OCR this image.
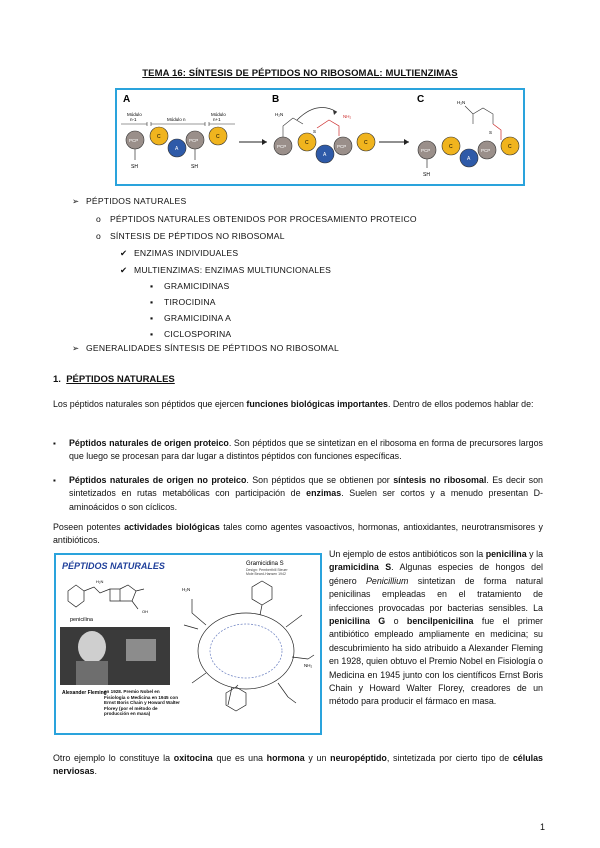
TEMA 16: SÍNTESIS DE PÉPTIDOS NO RIBOSOMAL: MULTIENZIMAS
A	B	C
Módulo
n-1	Módulo n
Módulo
n+1
PCP
C
A
PCP
C
SH	SH
PCP
C
A
PCP
C
H₂N	NH₂
S
PCP
C
A
PCP
C
H₂N
SH
S
➢ PÉPTIDOS NATURALES
o PÉPTIDOS NATURALES OBTENIDOS POR PROCESAMIENTO PROTEICO
o SÍNTESIS DE PÉPTIDOS NO RIBOSOMAL
✔ ENZIMAS INDIVIDUALES
✔ MULTIENZIMAS: ENZIMAS MULTIUNCIONALES
▪ GRAMICIDINAS
▪ TIROCIDINA
▪ GRAMICIDINA A
▪ CICLOSPORINA
➢ GENERALIDADES SÍNTESIS DE PÉPTIDOS NO RIBOSOMAL
1. PÉPTIDOS NATURALES
Los péptidos naturales son péptidos que ejercen funciones biológicas importantes. Dentro de ellos podemos hablar de:
▪ Péptidos naturales de origen proteico. Son péptidos que se sintetizan en el ribosoma en forma de precursores largos que luego se procesan para dar lugar a distintos péptidos con funciones específicas.
▪ Péptidos naturales de origen no proteico. Son péptidos que se obtienen por síntesis no ribosomal. Es decir son sintetizados en rutas metabólicas con participación de enzimas. Suelen ser cortos y a menudo presentan D-aminoácidos o son cíclicos.
Poseen potentes actividades biológicas tales como agentes vasoactivos, hormonas, antioxidantes, neurotransmisores y antibióticos.
PÉPTIDOS NATURALES
H₂N
OH
penicilina
Alexander Fleming
en 1928. Premio Nobel en Fisiología o Medicina en 1945 con Ernst Boris Chain y Howard Walter Florey (por el método de producción en masa)
Gramicidina S
Design: Pemberthill Steuer
Mole Beard-Hansen 1942
H₂N
NH₂
Un ejemplo de estos antibióticos son la penicilina y la gramicidina S. Algunas especies de hongos del género Penicillium sintetizan de forma natural penicilinas empleadas en el tratamiento de infecciones provocadas por bacterias sensibles. La penicilina G o bencilpenicilina fue el primer antibiótico empleado ampliamente en medicina; su descubrimiento ha sido atribuido a Alexander Fleming en 1928, quien obtuvo el Premio Nobel en Fisiología o Medicina en 1945 junto con los científicos Ernst Boris Chain y Howard Walter Florey, creadores de un método para producir el fármaco en masa.
Otro ejemplo lo constituye la oxitocina que es una hormona y un neuropéptido, sintetizada por cierto tipo de células nerviosas.
1
